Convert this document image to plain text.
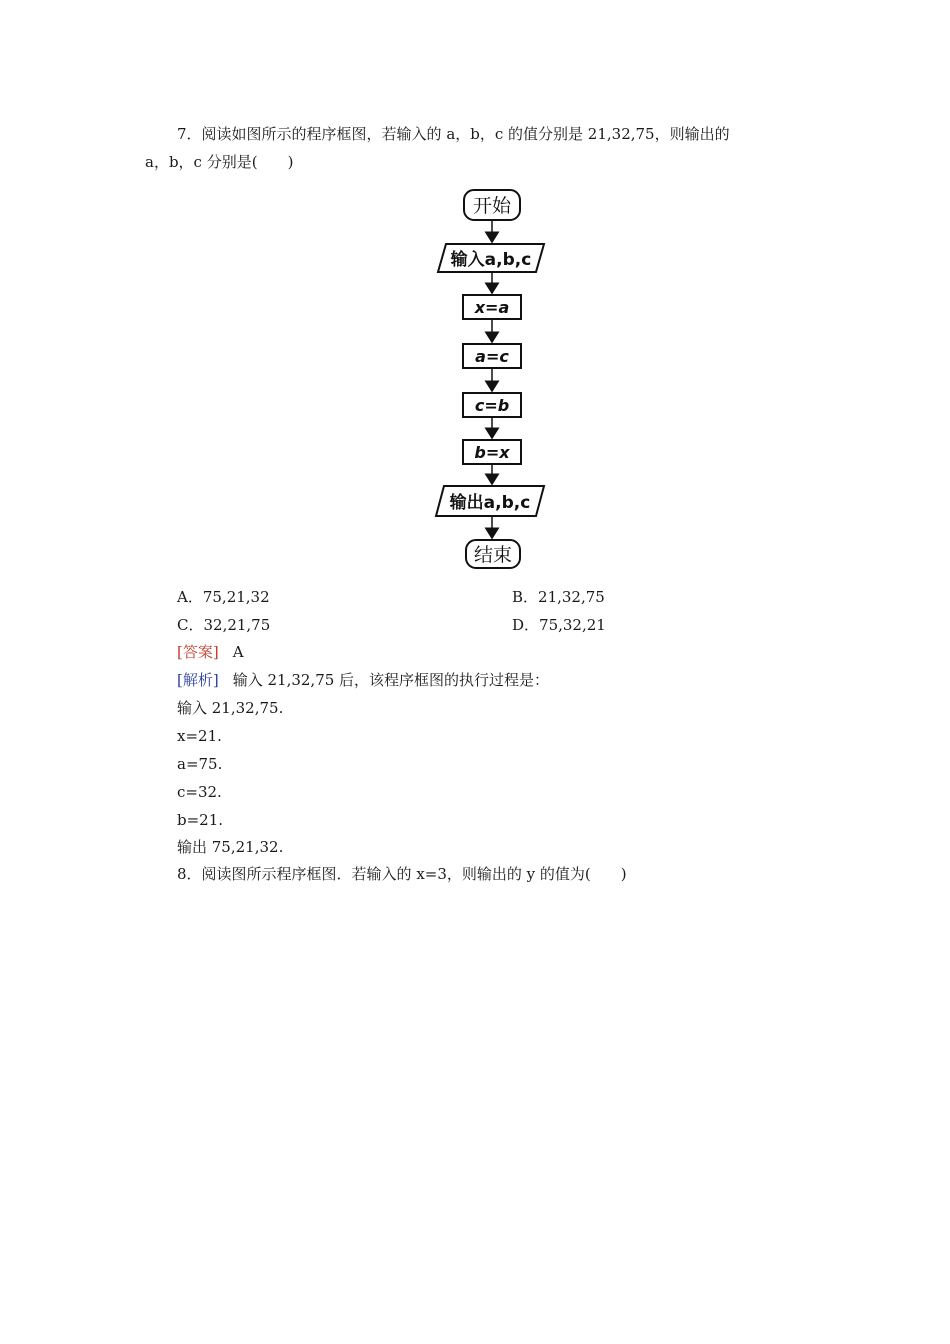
7．阅读如图所示的程序框图，若输入的 a，b，c 的值分别是 21,32,75，则输出的
a，b，c 分别是(　　)
开始
输入a,b,c
x=a
a=c
c=b
b=x
输出a,b,c
结束
A．75,21,32	B．21,32,75
C．32,21,75	D．75,32,21
[答案] A
[解析] 输入 21,32,75 后，该程序框图的执行过程是：
输入 21,32,75.
x=21.
a=75.
c=32.
b=21.
输出 75,21,32.
8．阅读图所示程序框图．若输入的 x=3，则输出的 y 的值为(　　)
